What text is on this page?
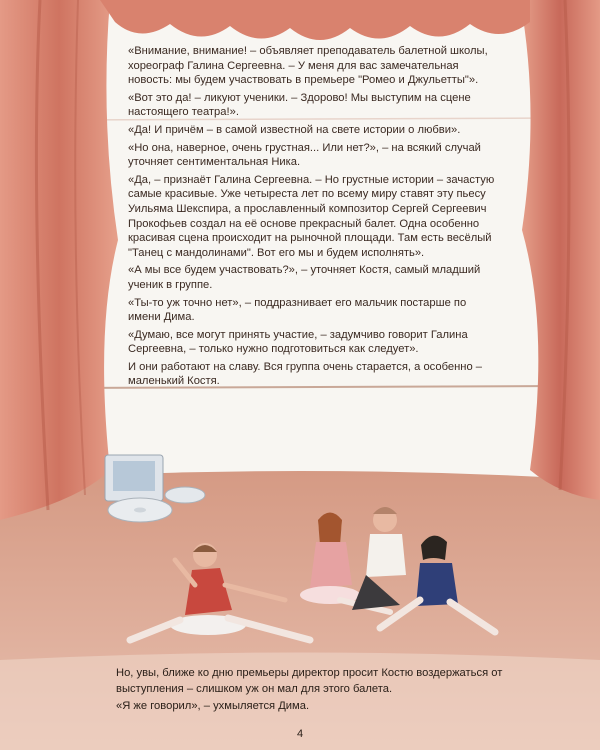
«Внимание, внимание! – объявляет преподаватель балетной школы, хореограф Галина Сергеевна. – У меня для вас замечательная новость: мы будем участвовать в премьере "Ромео и Джульетты"».

«Вот это да! – ликуют ученики. – Здорово! Мы выступим на сцене настоящего театра!».

«Да! И причём – в самой известной на свете истории о любви».

«Но она, наверное, очень грустная... Или нет?», – на всякий случай уточняет сентиментальная Ника.

«Да, – признаёт Галина Сергеевна. – Но грустные истории – зачастую самые красивые. Уже четыреста лет по всему миру ставят эту пьесу Уильяма Шекспира, а прославленный композитор Сергей Сергеевич Прокофьев создал на её основе прекрасный балет. Одна особенно красивая сцена происходит на рыночной площади. Там есть весёлый "Танец с мандолинами". Вот его мы и будем исполнять».

«А мы все будем участвовать?», – уточняет Костя, самый младший ученик в группе.

«Ты-то уж точно нет», – поддразнивает его мальчик постарше по имени Дима.

«Думаю, все могут принять участие, – задумчиво говорит Галина Сергеевна, – только нужно подготовиться как следует».

И они работают на славу. Вся группа очень старается, а особенно – маленький Костя.

Но, увы, ближе ко дню премьеры директор просит Костю воздержаться от выступления – слишком уж он мал для этого балета.

«Я же говорил», – ухмыляется Дима.

4
